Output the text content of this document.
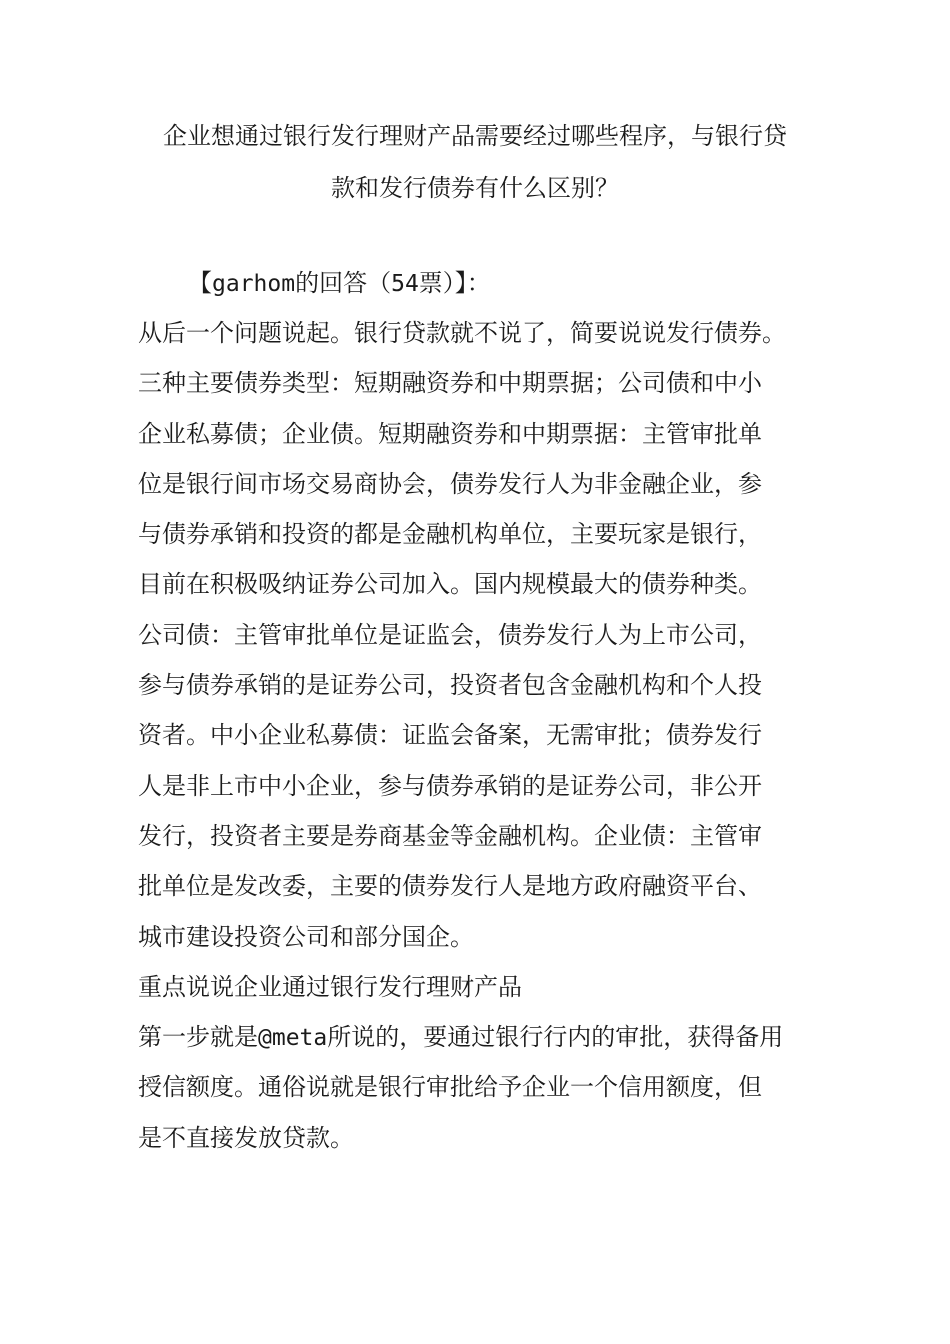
企业想通过银行发行理财产品需要经过哪些程序，与银行贷
款和发行债券有什么区别？
【garhom的回答（54票）】：
从后一个问题说起。银行贷款就不说了，简要说说发行债券。
三种主要债券类型：短期融资券和中期票据；公司债和中小
企业私募债；企业债。短期融资券和中期票据：主管审批单
位是银行间市场交易商协会，债券发行人为非金融企业，参
与债券承销和投资的都是金融机构单位，主要玩家是银行，
目前在积极吸纳证券公司加入。国内规模最大的债券种类。
公司债：主管审批单位是证监会，债券发行人为上市公司，
参与债券承销的是证券公司，投资者包含金融机构和个人投
资者。中小企业私募债：证监会备案，无需审批；债券发行
人是非上市中小企业，参与债券承销的是证券公司，非公开
发行，投资者主要是券商基金等金融机构。企业债：主管审
批单位是发改委，主要的债券发行人是地方政府融资平台、
城市建设投资公司和部分国企。
重点说说企业通过银行发行理财产品
第一步就是@meta所说的，要通过银行行内的审批，获得备用
授信额度。通俗说就是银行审批给予企业一个信用额度，但
是不直接发放贷款。
